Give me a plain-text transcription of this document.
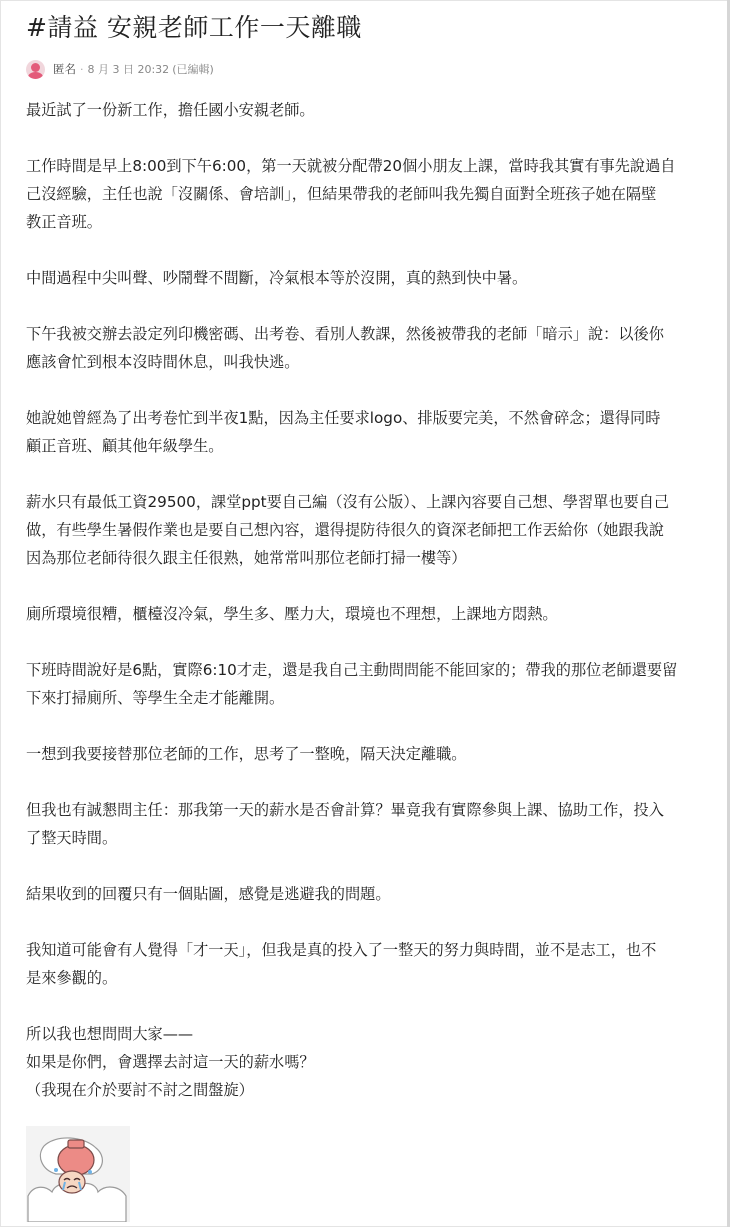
#請益 安親老師工作一天離職
匿名 · 8 月 3 日 20:32 (已編輯)

最近試了一份新工作，擔任國小安親老師。

工作時間是早上8:00到下午6:00，第一天就被分配帶20個小朋友上課，當時我其實有事先說過自
己沒經驗，主任也說「沒關係、會培訓」，但結果帶我的老師叫我先獨自面對全班孩子她在隔壁
教正音班。

中間過程中尖叫聲、吵鬧聲不間斷，冷氣根本等於沒開，真的熱到快中暑。

下午我被交辦去設定列印機密碼、出考卷、看別人教課，然後被帶我的老師「暗示」說：以後你
應該會忙到根本沒時間休息，叫我快逃。

她說她曾經為了出考卷忙到半夜1點，因為主任要求logo、排版要完美，不然會碎念；還得同時
顧正音班、顧其他年級學生。

薪水只有最低工資29500，課堂ppt要自己編（沒有公版）、上課內容要自己想、學習單也要自己
做，有些學生暑假作業也是要自己想內容，還得提防待很久的資深老師把工作丟給你（她跟我說
因為那位老師待很久跟主任很熟，她常常叫那位老師打掃一樓等）

廁所環境很糟，櫃檯沒冷氣，學生多、壓力大，環境也不理想，上課地方悶熱。

下班時間說好是6點，實際6:10才走，還是我自己主動問問能不能回家的；帶我的那位老師還要留
下來打掃廁所、等學生全走才能離開。

一想到我要接替那位老師的工作，思考了一整晚，隔天決定離職。

但我也有誠懇問主任：那我第一天的薪水是否會計算？畢竟我有實際參與上課、協助工作，投入
了整天時間。

結果收到的回覆只有一個貼圖，感覺是逃避我的問題。

我知道可能會有人覺得「才一天」，但我是真的投入了一整天的努力與時間，並不是志工，也不
是來參觀的。

所以我也想問問大家——
如果是你們，會選擇去討這一天的薪水嗎？
（我現在介於要討不討之間盤旋）
